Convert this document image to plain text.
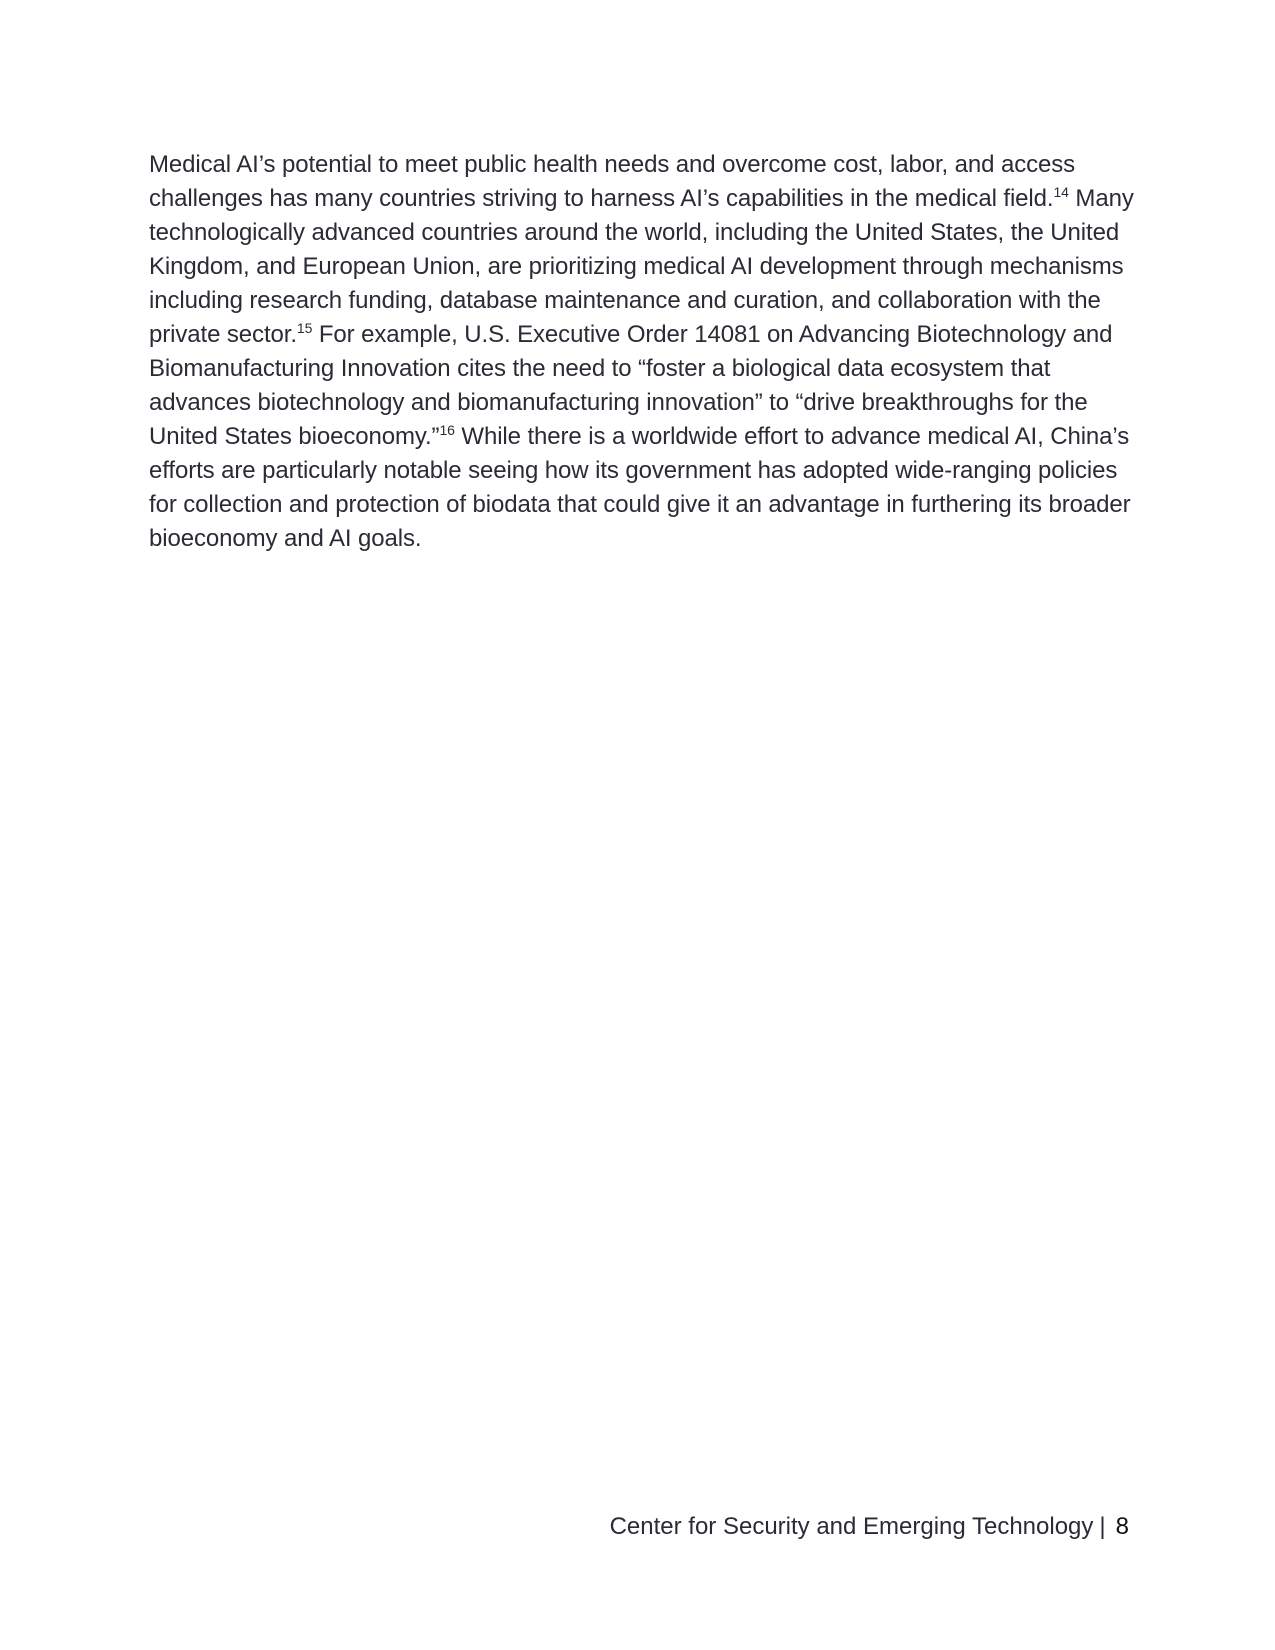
Medical AI’s potential to meet public health needs and overcome cost, labor, and access challenges has many countries striving to harness AI’s capabilities in the medical field.$^{14}$ Many technologically advanced countries around the world, including the United States, the United Kingdom, and European Union, are prioritizing medical AI development through mechanisms including research funding, database maintenance and curation, and collaboration with the private sector.$^{15}$ For example, U.S. Executive Order 14081 on Advancing Biotechnology and Biomanufacturing Innovation cites the need to “foster a biological data ecosystem that advances biotechnology and biomanufacturing innovation” to “drive breakthroughs for the United States bioeconomy.”$^{16}$ While there is a worldwide effort to advance medical AI, China’s efforts are particularly notable seeing how its government has adopted wide-ranging policies for collection and protection of biodata that could give it an advantage in furthering its broader bioeconomy and AI goals.

Center for Security and Emerging Technology | 8
